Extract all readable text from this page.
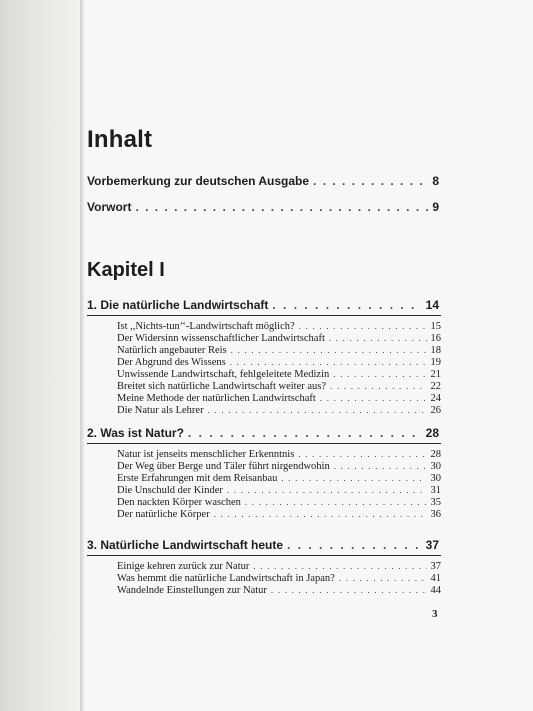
Inhalt
Vorbemerkung zur deutschen Ausgabe . . .	8
Vorwort . . .	9
Kapitel I
1. Die natürliche Landwirtschaft . . .	14
Ist ,,Nichts-tun‘‘-Landwirtschaft möglich? . . .	15
Der Widersinn wissenschaftlicher Landwirtschaft . . .	16
Natürlich angebauter Reis . . .	18
Der Abgrund des Wissens . . .	19
Unwissende Landwirtschaft, fehlgeleitete Medizin . . .	21
Breitet sich natürliche Landwirtschaft weiter aus? . . .	22
Meine Methode der natürlichen Landwirtschaft . . .	24
Die Natur als Lehrer . . .	26
2. Was ist Natur? . . .	28
Natur ist jenseits menschlicher Erkenntnis . . .	28
Der Weg über Berge und Täler führt nirgendwohin . . .	30
Erste Erfahrungen mit dem Reisanbau . . .	30
Die Unschuld der Kinder . . .	31
Den nackten Körper waschen . . .	35
Der natürliche Körper . . .	36
3. Natürliche Landwirtschaft heute . . .	37
Einige kehren zurück zur Natur . . .	37
Was hemmt die natürliche Landwirtschaft in Japan? . . .	41
Wandelnde Einstellungen zur Natur . . .	44
3
